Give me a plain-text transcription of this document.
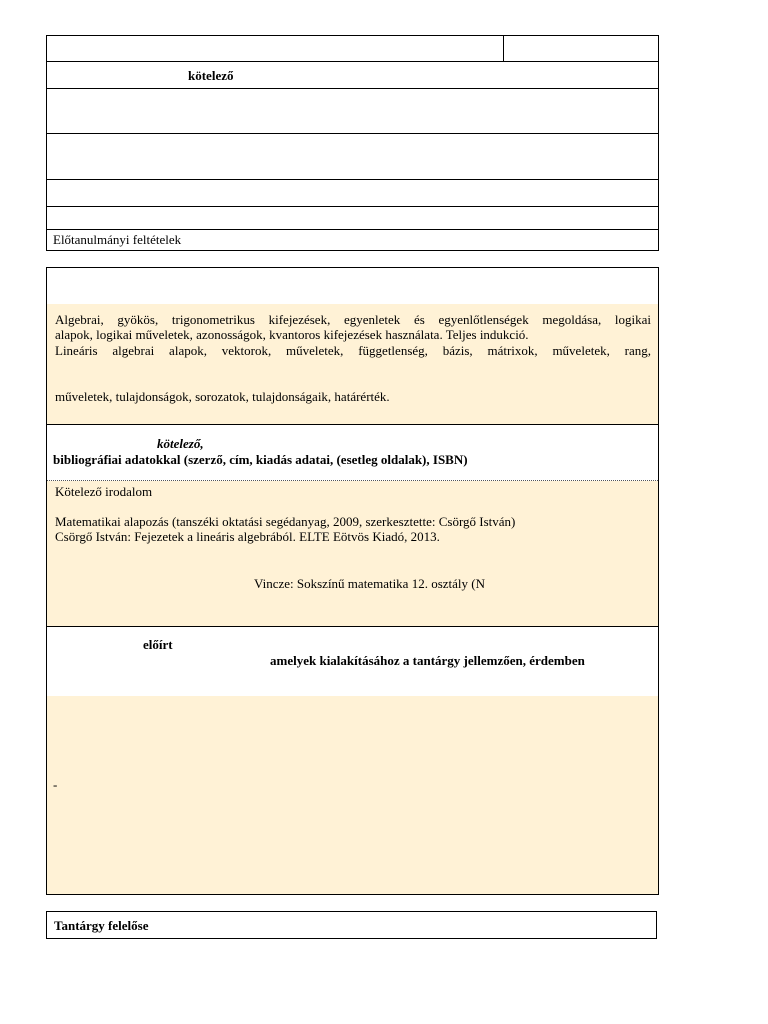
kötelező
Előtanulmányi feltételek
Algebrai, gyökös, trigonometrikus kifejezések, egyenletek és egyenlőtlenségek megoldása, logikai
alapok, logikai műveletek, azonosságok, kvantoros kifejezések használata. Teljes indukció.
Lineáris algebrai alapok, vektorok, műveletek, függetlenség, bázis, mátrixok, műveletek, rang,
műveletek, tulajdonságok, sorozatok, tulajdonságaik, határérték.
kötelező,
bibliográfiai adatokkal (szerző, cím, kiadás adatai, (esetleg oldalak), ISBN)
Kötelező irodalom
Matematikai alapozás (tanszéki oktatási segédanyag, 2009, szerkesztette: Csörgő István)
Csörgő István: Fejezetek a lineáris algebrából. ELTE Eötvös Kiadó, 2013.
Vincze: Sokszínű matematika 12. osztály (N
előírt
amelyek kialakításához a tantárgy jellemzően, érdemben
-
Tantárgy felelőse
